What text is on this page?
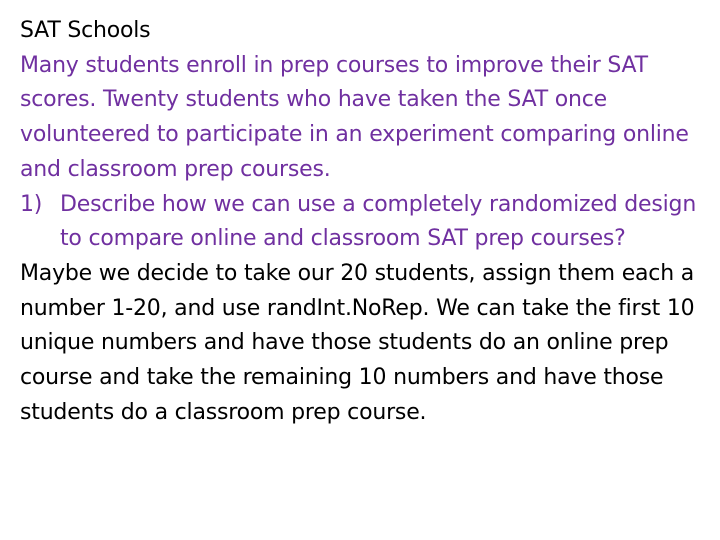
SAT Schools

Many students enroll in prep courses to improve their SAT scores. Twenty students who have taken the SAT once volunteered to participate in an experiment comparing online and classroom prep courses.

1) Describe how we can use a completely randomized design to compare online and classroom SAT prep courses?

Maybe we decide to take our 20 students, assign them each a number 1-20, and use randInt.NoRep. We can take the first 10 unique numbers and have those students do an online prep course and take the remaining 10 numbers and have those students do a classroom prep course.
